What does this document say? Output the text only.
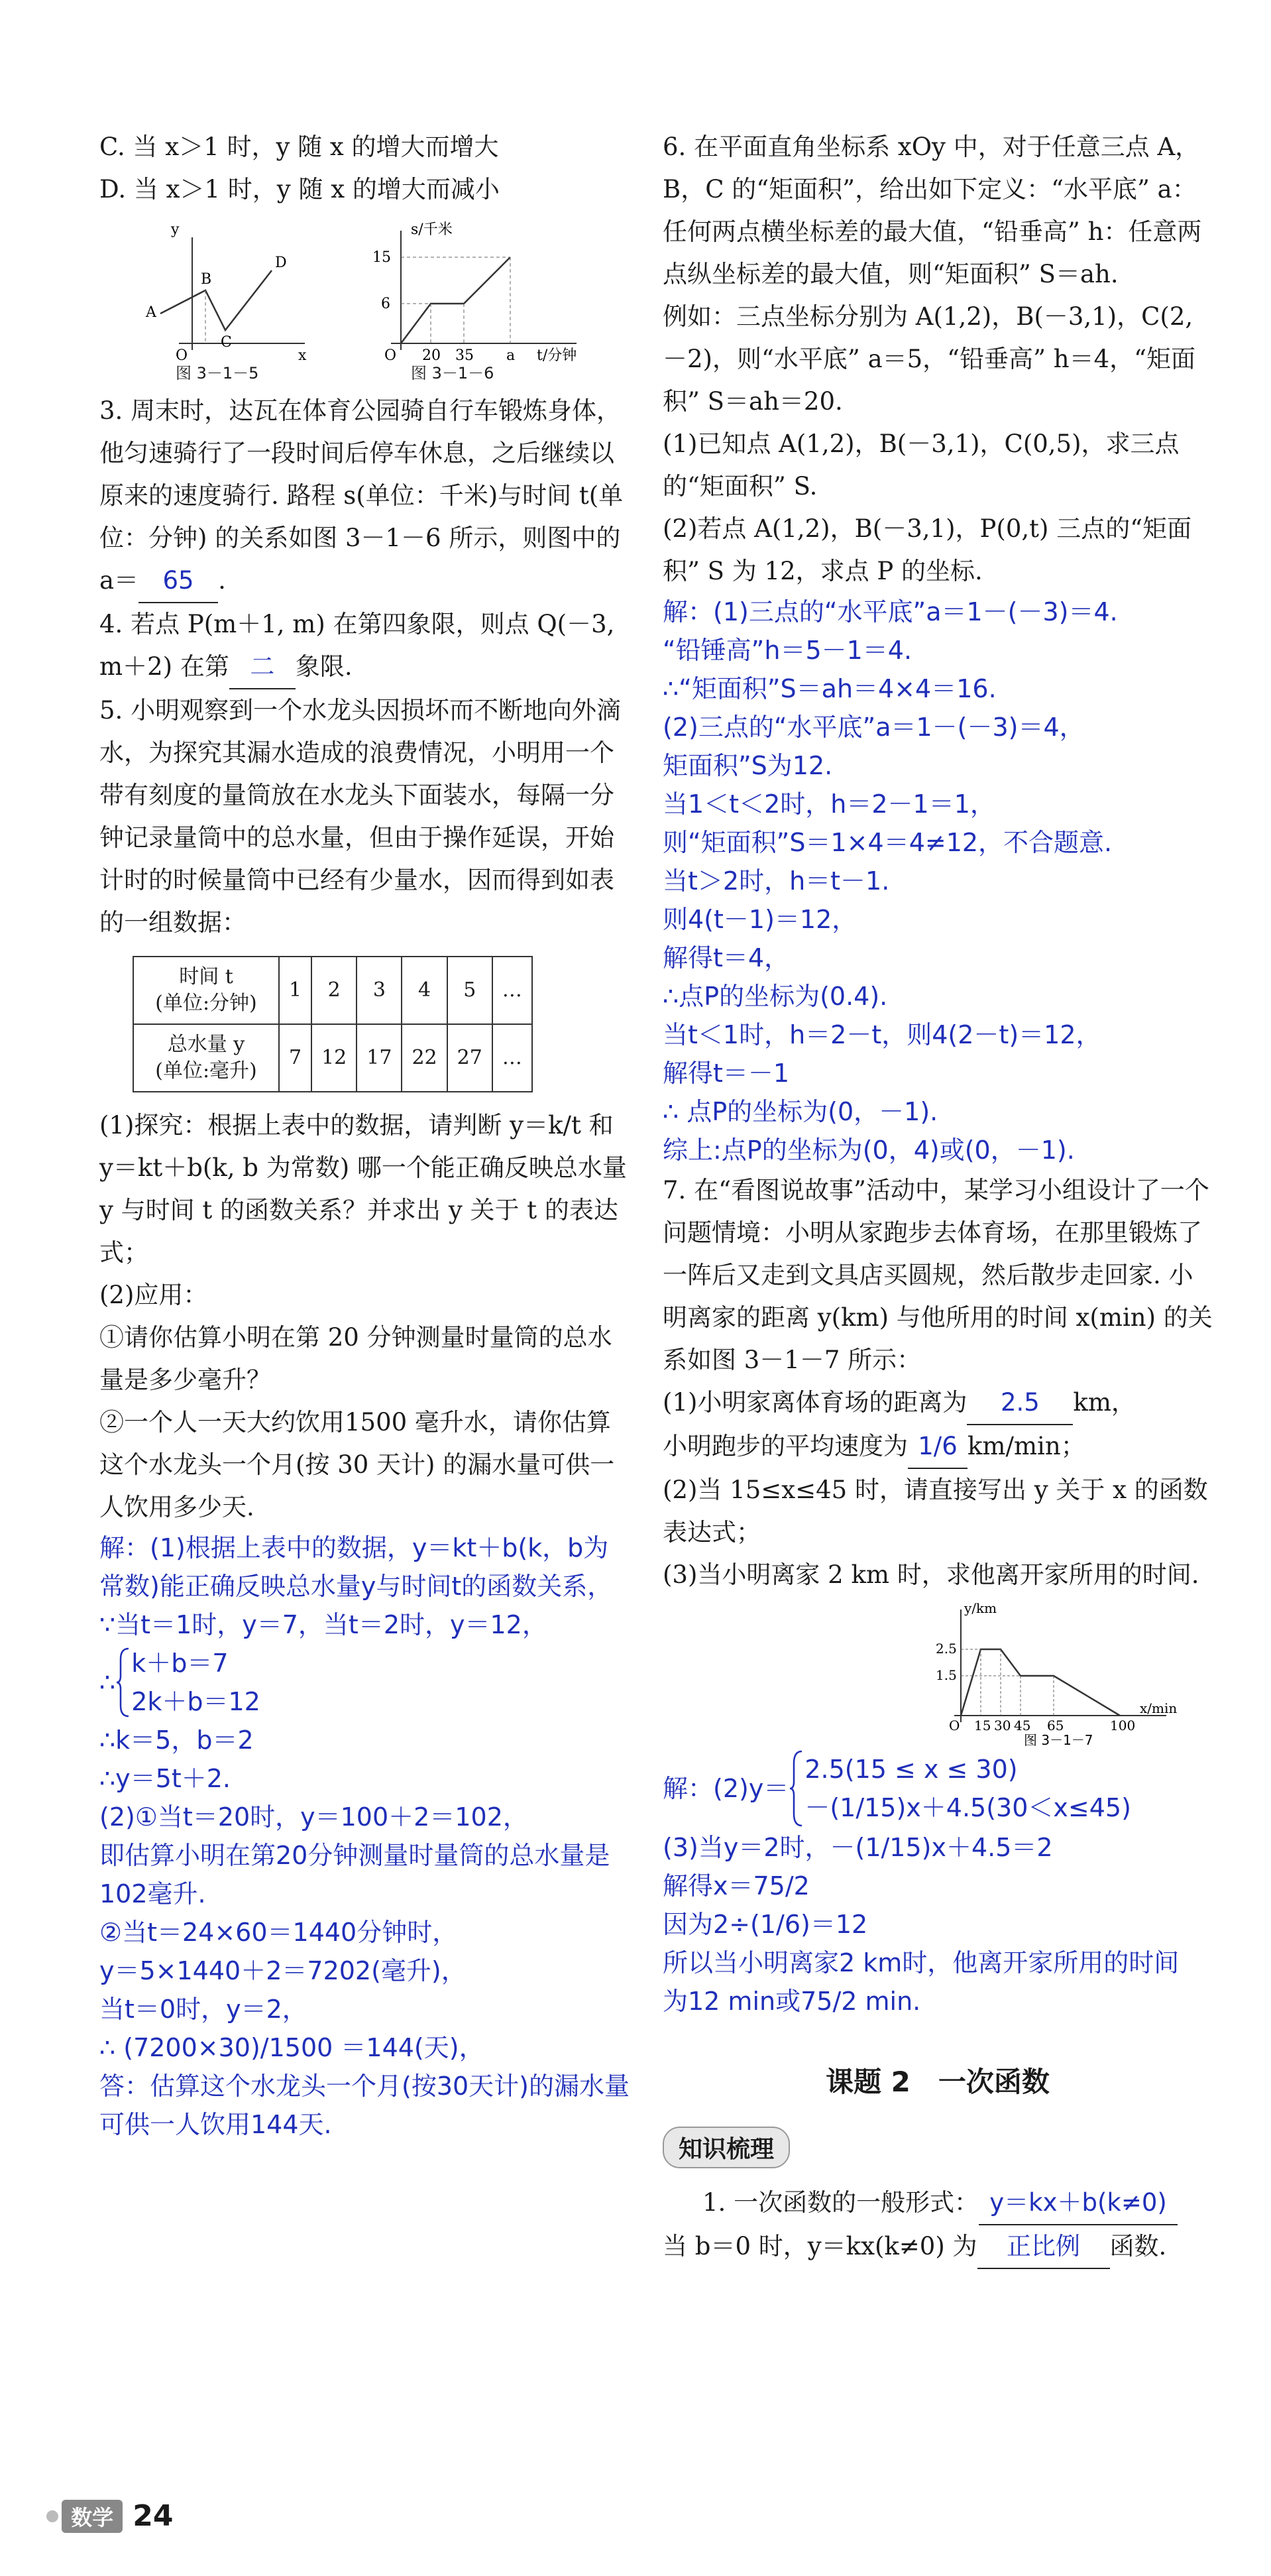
C. 当 x＞1 时，y 随 x 的增大而增大

D. 当 x＞1 时，y 随 x 的增大而减小

y
x
O
A
B
C
D
s/千米
15
6
O 20 35 a t/分钟
图 3－1－5	图 3－1－6

3. 周末时，达瓦在体育公园骑自行车锻炼身体，他匀速骑行了一段时间后停车休息，之后继续以原来的速度骑行. 路程 s(单位：千米)与时间 t(单位：分钟) 的关系如图 3－1－6 所示，则图中的 a＝ 65 .

4. 若点 P(m＋1, m) 在第四象限，则点 Q(－3, m＋2) 在第 二 象限.

5. 小明观察到一个水龙头因损坏而不断地向外滴水，为探究其漏水造成的浪费情况，小明用一个带有刻度的量筒放在水龙头下面装水，每隔一分钟记录量筒中的总水量，但由于操作延误，开始计时的时候量筒中已经有少量水，因而得到如表的一组数据：

时间 t
(单位:分钟)	1	2	3	4	5	…
总水量 y
(单位:毫升)	7	12	17	22	27	…

(1)探究：根据上表中的数据，请判断 y＝k/t 和 y＝kt＋b(k, b 为常数) 哪一个能正确反映总水量 y 与时间 t 的函数关系？并求出 y 关于 t 的表达式；

(2)应用：

①请你估算小明在第 20 分钟测量时量筒的总水量是多少毫升？

②一个人一天大约饮用1500 毫升水，请你估算这个水龙头一个月(按 30 天计) 的漏水量可供一人饮用多少天.

解：(1)根据上表中的数据，y＝kt＋b(k，b为常数)能正确反映总水量y与时间t的函数关系，

∵当t＝1时，y＝7，当t＝2时，y＝12，

∴

k＋b＝7

2k＋b＝12

∴k＝5，b＝2

∴y＝5t＋2.

(2)①当t＝20时，y＝100＋2＝102，

即估算小明在第20分钟测量时量筒的总水量是102毫升.

②当t＝24×60＝1440分钟时，

y＝5×1440＋2＝7202(毫升)，

当t＝0时，y＝2，

∴ (7200×30)/1500 ＝144(天)，

答：估算这个水龙头一个月(按30天计)的漏水量可供一人饮用144天.

6. 在平面直角坐标系 xOy 中，对于任意三点 A，B，C 的“矩面积”，给出如下定义：“水平底” a：任何两点横坐标差的最大值，“铅垂高” h：任意两点纵坐标差的最大值，则“矩面积” S＝ah.

例如：三点坐标分别为 A(1,2)，B(－3,1)，C(2,－2)，则“水平底” a＝5，“铅垂高” h＝4，“矩面积” S＝ah＝20.

(1)已知点 A(1,2)，B(－3,1)，C(0,5)，求三点的“矩面积” S.

(2)若点 A(1,2)，B(－3,1)，P(0,t) 三点的“矩面积” S 为 12，求点 P 的坐标.

解：(1)三点的“水平底”a＝1－(－3)＝4.

“铅锤高”h＝5－1＝4.

∴“矩面积”S＝ah＝4×4＝16.

(2)三点的“水平底”a＝1－(－3)＝4，

矩面积”S为12.

当1＜t＜2时，h＝2－1＝1，

则“矩面积”S＝1×4＝4≠12，不合题意.

当t＞2时，h＝t－1.

则4(t－1)＝12，

解得t＝4，

∴点P的坐标为(0.4).

当t＜1时，h＝2－t，则4(2－t)＝12，

解得t＝－1

∴ 点P的坐标为(0，－1).

综上:点P的坐标为(0，4)或(0，－1).

7. 在“看图说故事”活动中，某学习小组设计了一个问题情境：小明从家跑步去体育场，在那里锻炼了一阵后又走到文具店买圆规，然后散步走回家. 小明离家的距离 y(km) 与他所用的时间 x(min) 的关系如图 3－1－7 所示：

(1)小明家离体育场的距离为 2.5 km，
小明跑步的平均速度为 1/6 km/min；

(2)当 15≤x≤45 时，请直接写出 y 关于 x 的函数表达式；

(3)当小明离家 2 km 时，求他离开家所用的时间.

y/km
2.5
1.5
O 15 30 45 65	100
x/min
图 3－1－7
解：(2)y＝

2.5(15 ≤ x ≤ 30)

－(1/15)x＋4.5(30＜x≤45)

(3)当y＝2时，－(1/15)x＋4.5＝2

解得x＝75/2

因为2÷(1/6)＝12

所以当小明离家2 km时，他离开家所用的时间

为12 min或75/2 min.

课题 2　一次函数
知识梳理

1. 一次函数的一般形式： y＝kx＋b(k≠0)

当 b＝0 时，y＝kx(k≠0) 为 正比例 函数.

数学 24
